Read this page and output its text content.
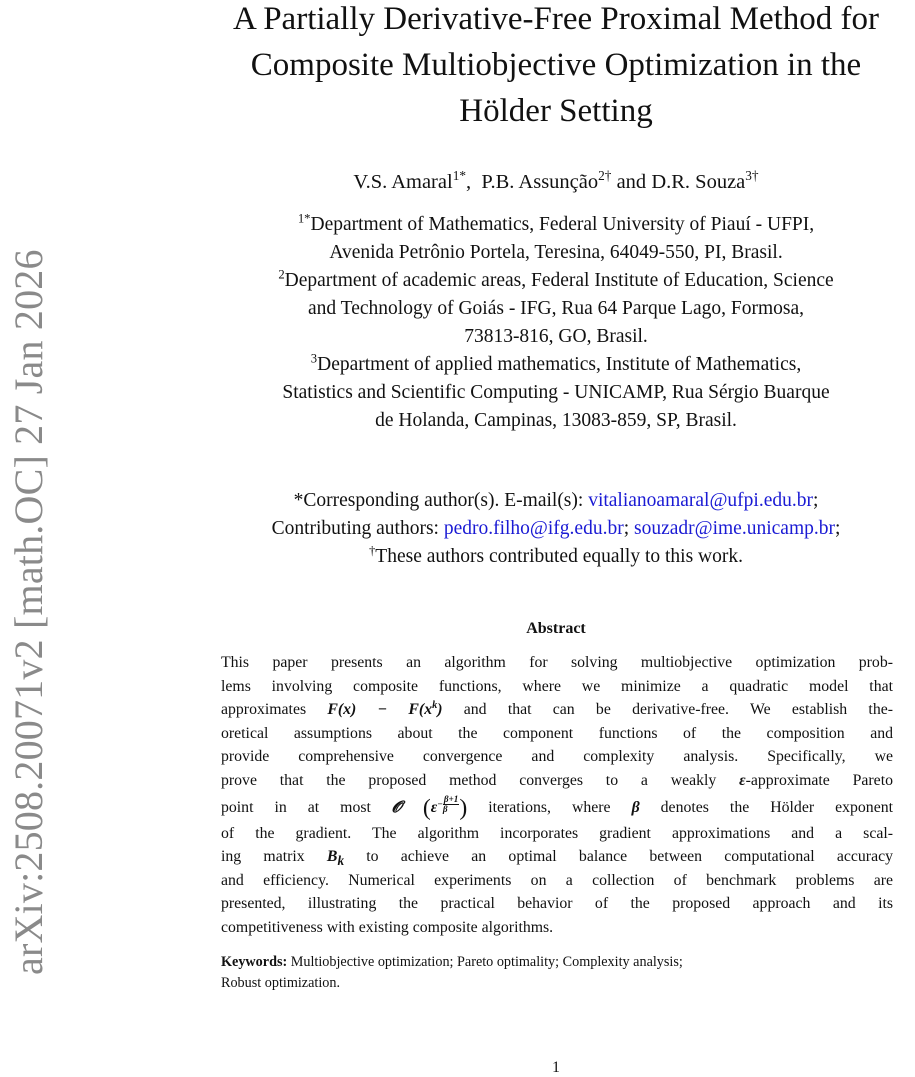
arXiv:2508.20071v2 [math.OC] 27 Jan 2026
A Partially Derivative-Free Proximal Method for
Composite Multiobjective Optimization in the
Hölder Setting
V.S. Amaral$^{1*}$,  P.B. Assunção$^{2\dagger}$ and D.R. Souza$^{3\dagger}$
$^{1*}$Department of Mathematics, Federal University of Piauí - UFPI,
Avenida Petrônio Portela, Teresina, 64049-550, PI, Brasil.
$^2$Department of academic areas, Federal Institute of Education, Science
and Technology of Goiás - IFG, Rua 64 Parque Lago, Formosa,
73813-816, GO, Brasil.
$^3$Department of applied mathematics, Institute of Mathematics,
Statistics and Scientific Computing - UNICAMP, Rua Sérgio Buarque
de Holanda, Campinas, 13083-859, SP, Brasil.
*Corresponding author(s). E-mail(s): vitalianoamaral@ufpi.edu.br;
Contributing authors: pedro.filho@ifg.edu.br; souzadr@ime.unicamp.br;
†These authors contributed equally to this work.
Abstract
This paper presents an algorithm for solving multiobjective optimization prob-
lems involving composite functions, where we minimize a quadratic model that
approximates $F(x) - F(x^k)$ and that can be derivative-free. We establish the-
oretical assumptions about the component functions of the composition and
provide comprehensive convergence and complexity analysis. Specifically, we
prove that the proposed method converges to a weakly ε-approximate Pareto
point in at most 𝓞 ($\varepsilon- \frac{\beta+1}{\beta}$ ) iterations, where β denotes the Hölder exponent
of the gradient. The algorithm incorporates gradient approximations and a scal-
ing matrix $B_k$ to achieve an optimal balance between computational accuracy
and efficiency. Numerical experiments on a collection of benchmark problems are
presented, illustrating the practical behavior of the proposed approach and its
competitiveness with existing composite algorithms.
Keywords: Multiobjective optimization; Pareto optimality; Complexity analysis;
Robust optimization.
1
